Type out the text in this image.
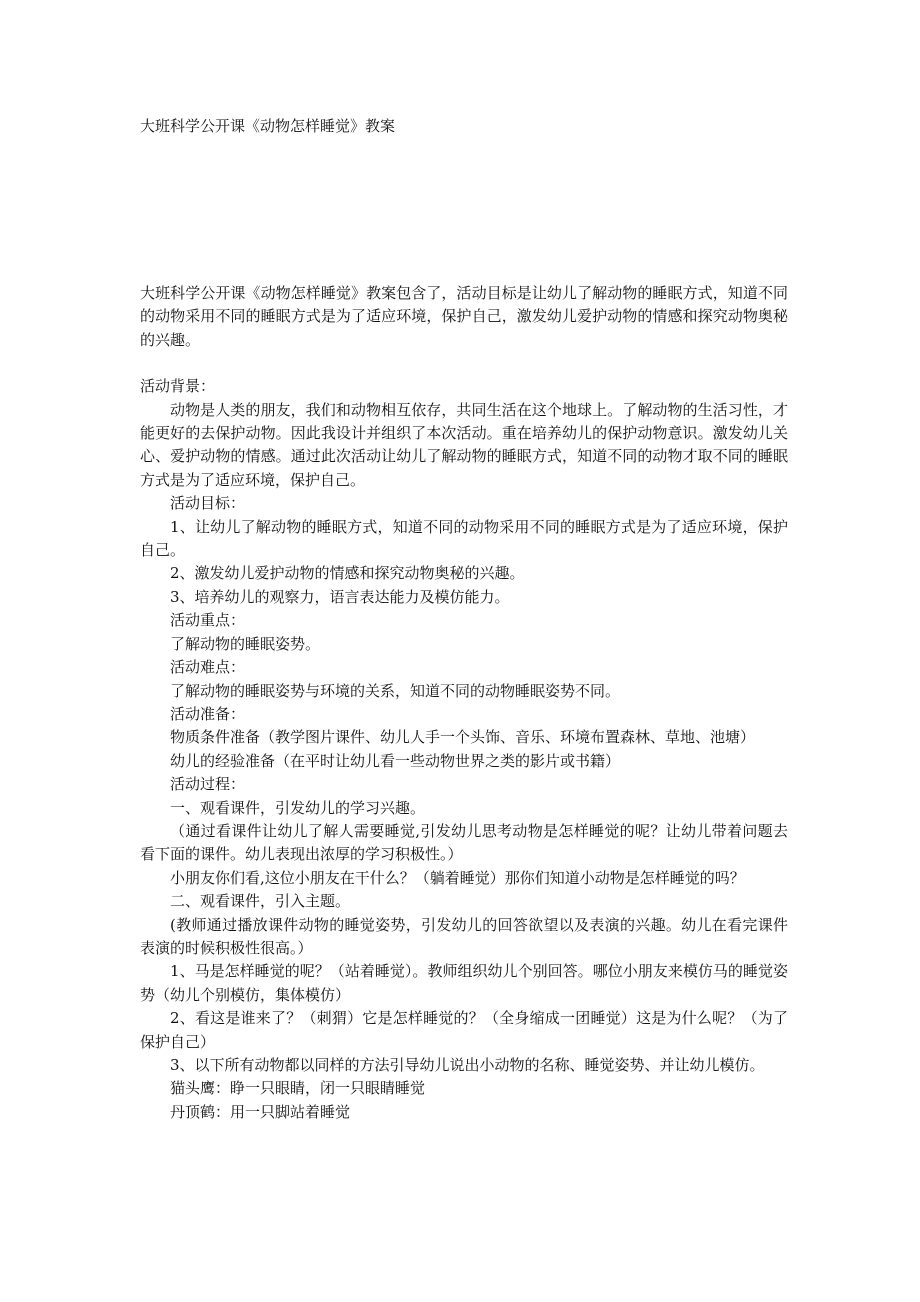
大班科学公开课《动物怎样睡觉》教案

大班科学公开课《动物怎样睡觉》教案包含了，活动目标是让幼儿了解动物的睡眠方式，知道不同的动物采用不同的睡眠方式是为了适应环境，保护自己，激发幼儿爱护动物的情感和探究动物奥秘的兴趣。

活动背景：

动物是人类的朋友，我们和动物相互依存，共同生活在这个地球上。了解动物的生活习性，才能更好的去保护动物。因此我设计并组织了本次活动。重在培养幼儿的保护动物意识。激发幼儿关心、爱护动物的情感。通过此次活动让幼儿了解动物的睡眠方式，知道不同的动物才取不同的睡眠方式是为了适应环境，保护自己。

活动目标：

1、让幼儿了解动物的睡眠方式，知道不同的动物采用不同的睡眠方式是为了适应环境，保护自己。

2、激发幼儿爱护动物的情感和探究动物奥秘的兴趣。

3、培养幼儿的观察力，语言表达能力及模仿能力。

活动重点：

了解动物的睡眠姿势。

活动难点：

了解动物的睡眠姿势与环境的关系，知道不同的动物睡眠姿势不同。

活动准备：

物质条件准备（教学图片课件、幼儿人手一个头饰、音乐、环境布置森林、草地、池塘）

幼儿的经验准备（在平时让幼儿看一些动物世界之类的影片或书籍）

活动过程：

一、观看课件，引发幼儿的学习兴趣。

（通过看课件让幼儿了解人需要睡觉,引发幼儿思考动物是怎样睡觉的呢？让幼儿带着问题去看下面的课件。幼儿表现出浓厚的学习积极性。）

小朋友你们看,这位小朋友在干什么？（躺着睡觉）那你们知道小动物是怎样睡觉的吗？

二、观看课件，引入主题。

(教师通过播放课件动物的睡觉姿势，引发幼儿的回答欲望以及表演的兴趣。幼儿在看完课件表演的时候积极性很高。）

1、马是怎样睡觉的呢？（站着睡觉）。教师组织幼儿个别回答。哪位小朋友来模仿马的睡觉姿势（幼儿个别模仿，集体模仿）

2、看这是谁来了？（刺猬）它是怎样睡觉的？（全身缩成一团睡觉）这是为什么呢？（为了保护自己）

3、以下所有动物都以同样的方法引导幼儿说出小动物的名称、睡觉姿势、并让幼儿模仿。

猫头鹰：睁一只眼睛，闭一只眼睛睡觉

丹顶鹤：用一只脚站着睡觉
